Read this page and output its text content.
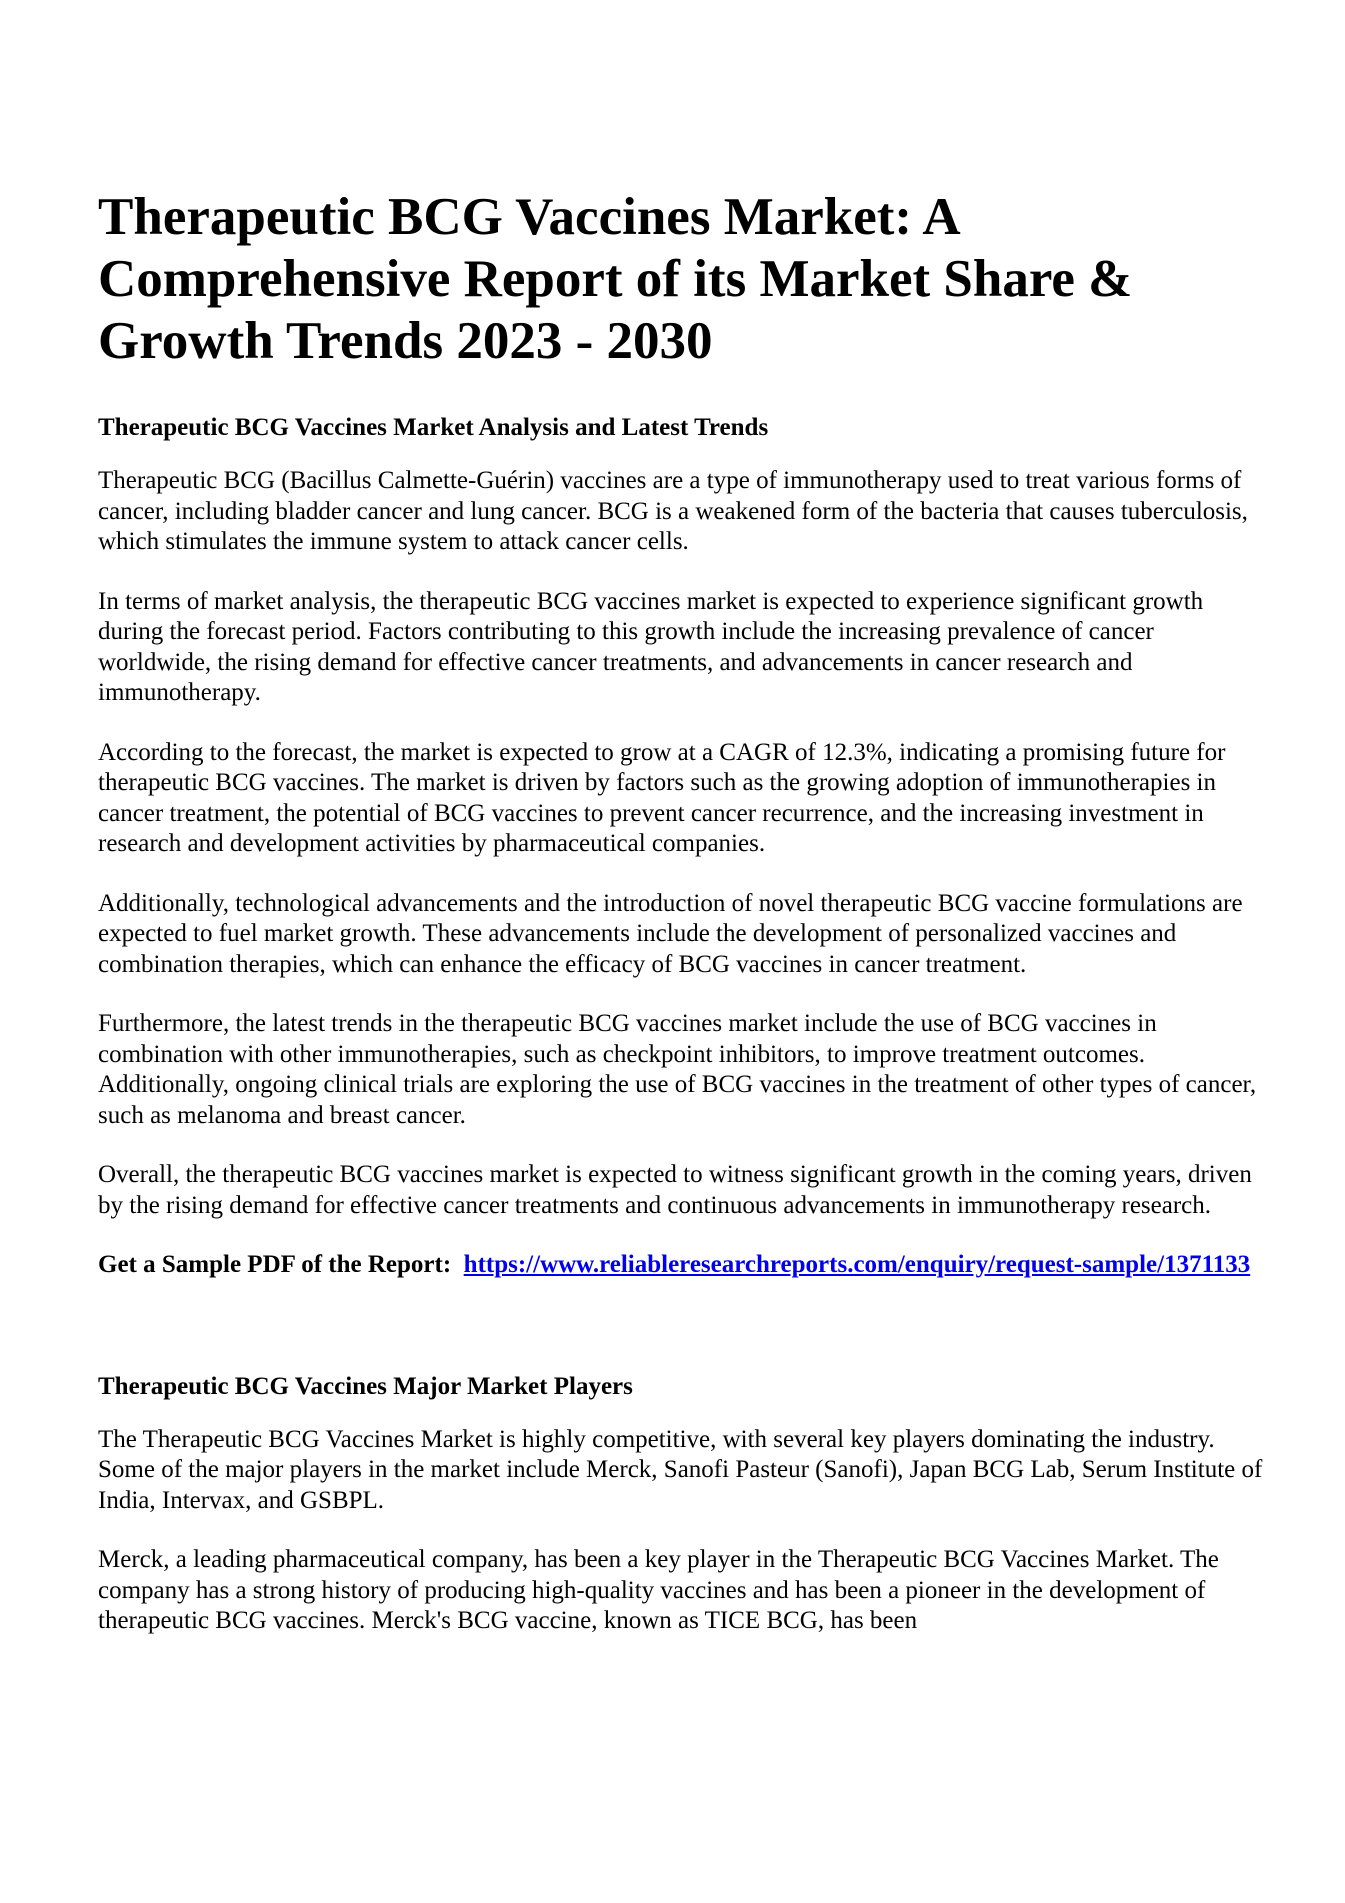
Therapeutic BCG Vaccines Market: A Comprehensive Report of its Market Share & Growth Trends 2023 - 2030
Therapeutic BCG Vaccines Market Analysis and Latest Trends

Therapeutic BCG (Bacillus Calmette-Guérin) vaccines are a type of immunotherapy used to treat various forms of cancer, including bladder cancer and lung cancer. BCG is a weakened form of the bacteria that causes tuberculosis, which stimulates the immune system to attack cancer cells.

In terms of market analysis, the therapeutic BCG vaccines market is expected to experience significant growth during the forecast period. Factors contributing to this growth include the increasing prevalence of cancer worldwide, the rising demand for effective cancer treatments, and advancements in cancer research and immunotherapy.

According to the forecast, the market is expected to grow at a CAGR of 12.3%, indicating a promising future for therapeutic BCG vaccines. The market is driven by factors such as the growing adoption of immunotherapies in cancer treatment, the potential of BCG vaccines to prevent cancer recurrence, and the increasing investment in research and development activities by pharmaceutical companies.

Additionally, technological advancements and the introduction of novel therapeutic BCG vaccine formulations are expected to fuel market growth. These advancements include the development of personalized vaccines and combination therapies, which can enhance the efficacy of BCG vaccines in cancer treatment.

Furthermore, the latest trends in the therapeutic BCG vaccines market include the use of BCG vaccines in combination with other immunotherapies, such as checkpoint inhibitors, to improve treatment outcomes. Additionally, ongoing clinical trials are exploring the use of BCG vaccines in the treatment of other types of cancer, such as melanoma and breast cancer.

Overall, the therapeutic BCG vaccines market is expected to witness significant growth in the coming years, driven by the rising demand for effective cancer treatments and continuous advancements in immunotherapy research.

Get a Sample PDF of the Report: https://www.reliableresearchreports.com/enquiry/request-sample/1371133

Therapeutic BCG Vaccines Major Market Players

The Therapeutic BCG Vaccines Market is highly competitive, with several key players dominating the industry. Some of the major players in the market include Merck, Sanofi Pasteur (Sanofi), Japan BCG Lab, Serum Institute of India, Intervax, and GSBPL.

Merck, a leading pharmaceutical company, has been a key player in the Therapeutic BCG Vaccines Market. The company has a strong history of producing high-quality vaccines and has been a pioneer in the development of therapeutic BCG vaccines. Merck's BCG vaccine, known as TICE BCG, has been
